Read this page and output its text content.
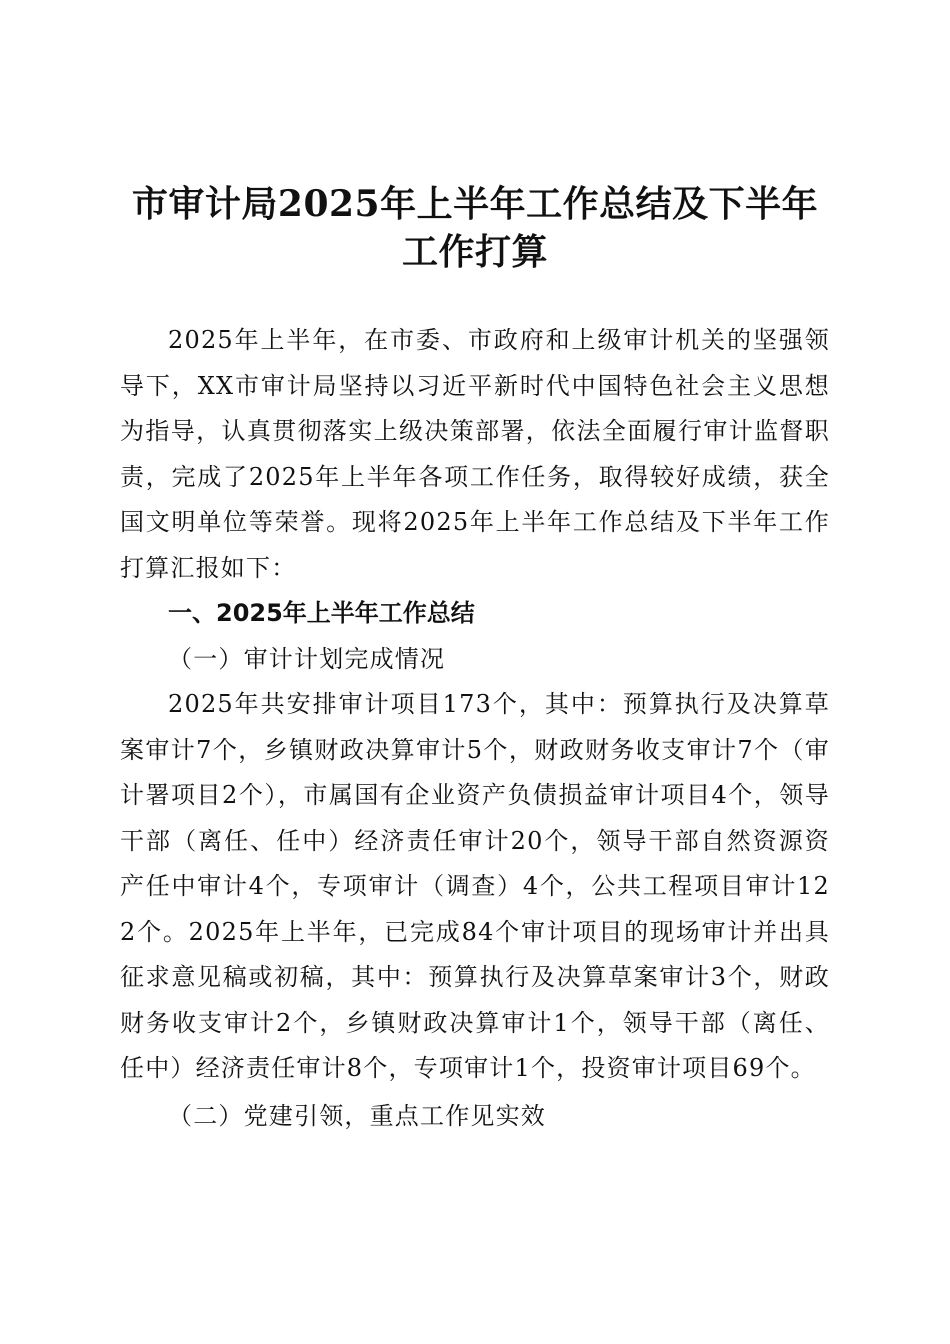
市审计局2025年上半年工作总结及下半年工作打算

2025年上半年，在市委、市政府和上级审计机关的坚强领导下，XX市审计局坚持以习近平新时代中国特色社会主义思想为指导，认真贯彻落实上级决策部署，依法全面履行审计监督职责，完成了2025年上半年各项工作任务，取得较好成绩，获全国文明单位等荣誉。现将2025年上半年工作总结及下半年工作打算汇报如下：

一、2025年上半年工作总结

（一）审计计划完成情况

2025年共安排审计项目173个，其中：预算执行及决算草案审计7个，乡镇财政决算审计5个，财政财务收支审计7个（审计署项目2个），市属国有企业资产负债损益审计项目4个，领导干部（离任、任中）经济责任审计20个，领导干部自然资源资产任中审计4个，专项审计（调查）4个，公共工程项目审计122个。2025年上半年，已完成84个审计项目的现场审计并出具征求意见稿或初稿，其中：预算执行及决算草案审计3个，财政财务收支审计2个，乡镇财政决算审计1个，领导干部（离任、任中）经济责任审计8个，专项审计1个，投资审计项目69个。

（二）党建引领，重点工作见实效
